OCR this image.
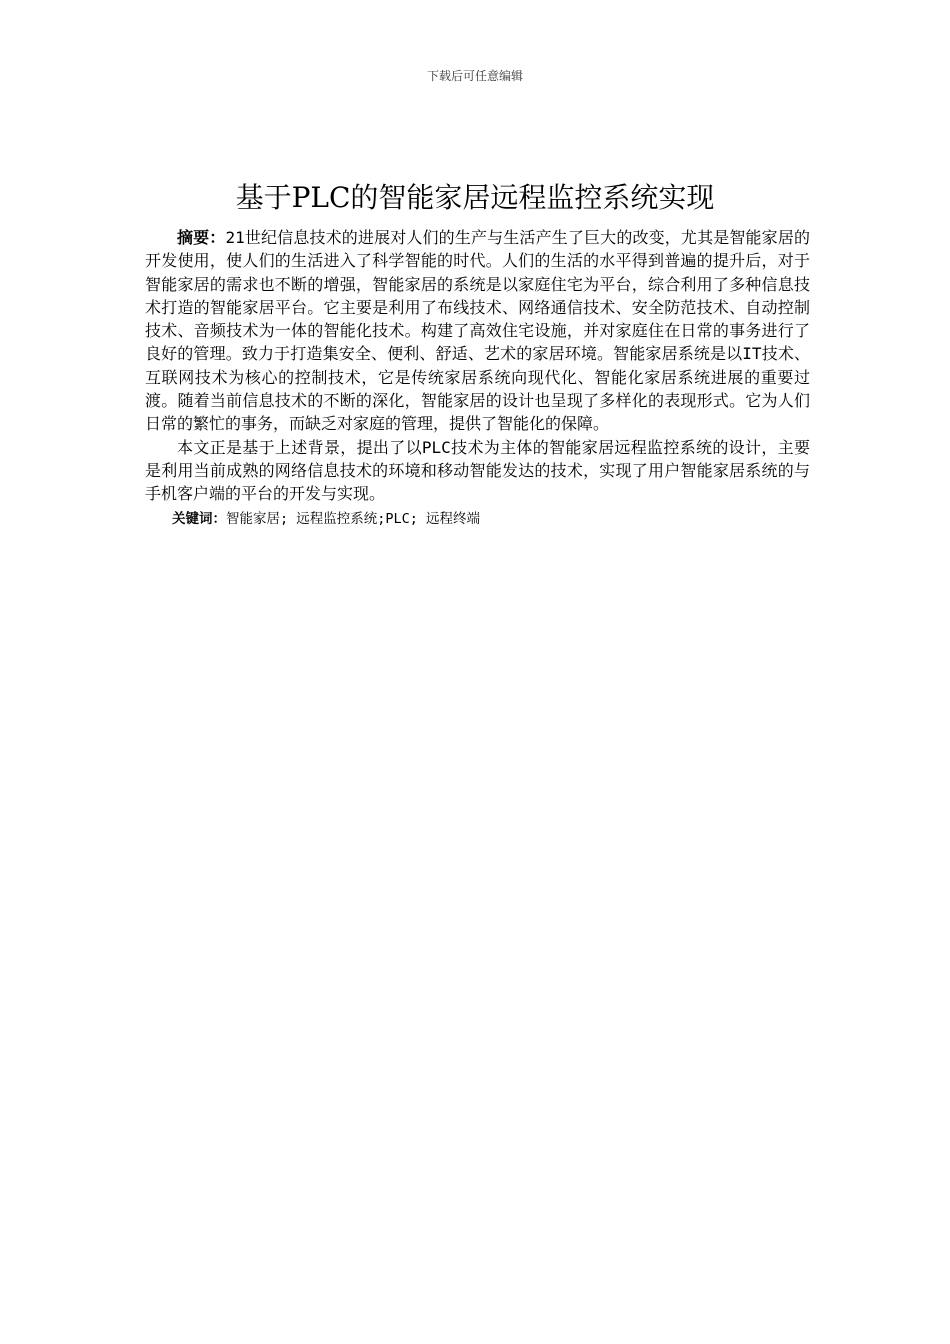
下载后可任意编辑
基于PLC的智能家居远程监控系统实现

摘要：21世纪信息技术的进展对人们的生产与生活产生了巨大的改变，尤其是智能家居的开发使用，使人们的生活进入了科学智能的时代。人们的生活的水平得到普遍的提升后，对于智能家居的需求也不断的增强，智能家居的系统是以家庭住宅为平台，综合利用了多种信息技术打造的智能家居平台。它主要是利用了布线技术、网络通信技术、安全防范技术、自动控制技术、音频技术为一体的智能化技术。构建了高效住宅设施，并对家庭住在日常的事务进行了良好的管理。致力于打造集安全、便利、舒适、艺术的家居环境。智能家居系统是以IT技术、互联网技术为核心的控制技术，它是传统家居系统向现代化、智能化家居系统进展的重要过渡。随着当前信息技术的不断的深化，智能家居的设计也呈现了多样化的表现形式。它为人们日常的繁忙的事务，而缺乏对家庭的管理，提供了智能化的保障。

本文正是基于上述背景，提出了以PLC技术为主体的智能家居远程监控系统的设计，主要是利用当前成熟的网络信息技术的环境和移动智能发达的技术，实现了用户智能家居系统的与手机客户端的平台的开发与实现。

关键词：智能家居; 远程监控系统;PLC; 远程终端
